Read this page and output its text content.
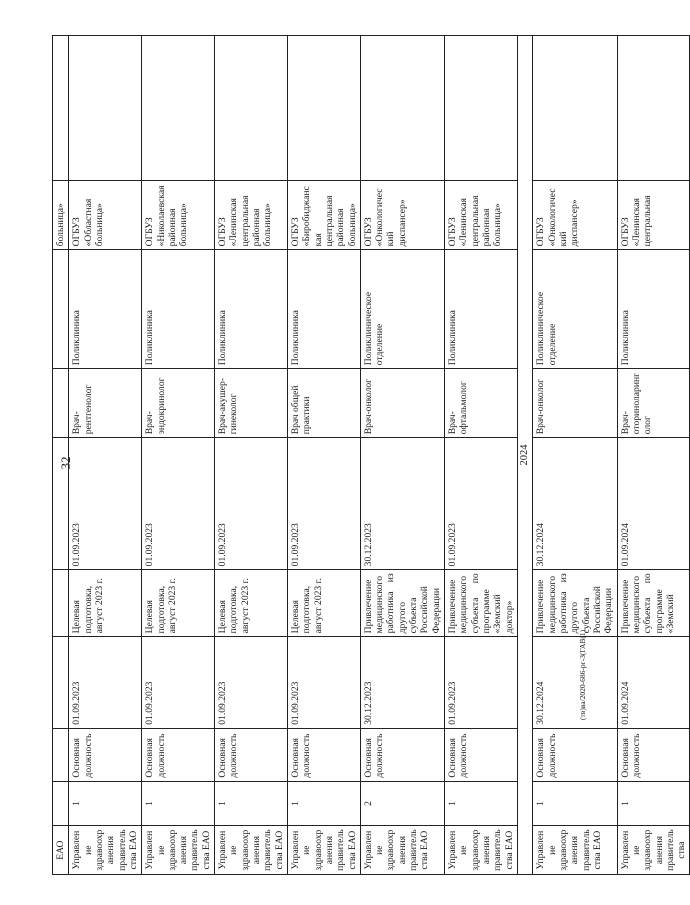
32
(тв)ва/2020-686-рг-3(ГАВ(1)
ЕАО								больница»	
Управление здравоохранения правительства ЕАО	1	Основная должность	01.09.2023	Целевая подготовка, август 2023 г.	01.09.2023	Врач-рентгенолог	Поликлиника	ОГБУЗ «Областная больница»	
Управление здравоохранения правительства ЕАО	1	Основная должность	01.09.2023	Целевая подготовка, август 2023 г.	01.09.2023	Врач-эндокринолог	Поликлиника	ОГБУЗ «Николаевская районная больница»	
Управление здравоохранения правительства ЕАО	1	Основная должность	01.09.2023	Целевая подготовка, август 2023 г.	01.09.2023	Врач-акушер-гинеколог	Поликлиника	ОГБУЗ «Ленинская центральная районная больница»	
Управление здравоохранения правительства ЕАО	1	Основная должность	01.09.2023	Целевая подготовка, август 2023 г.	01.09.2023	Врач общей практики	Поликлиника	ОГБУЗ «Биробиджанская центральная районная больница»	
Управление здравоохранения правительства ЕАО	2	Основная должность	30.12.2023	Привлечение медицинского работника из другого субъекта Российской Федерации	30.12.2023	Врач-онколог	Поликлиническое отделение	ОГБУЗ «Онкологический диспансер»	
Управление здравоохранения правительства ЕАО	1	Основная должность	01.09.2023	Привлечение медицинского субъекта по программе «Земский доктор»	01.09.2023	Врач-офтальмолог	Поликлиника	ОГБУЗ «Ленинская центральная районная больница»	
2024									
Управление здравоохранения правительства ЕАО	1	Основная должность	30.12.2024	Привлечение медицинского работника из другого субъекта Российской Федерации	30.12.2024	Врач-онколог	Поликлиническое отделение	ОГБУЗ «Онкологический диспансер»	
Управление здравоохранения правительства	1	Основная должность	01.09.2024	Привлечение медицинского субъекта по программе «Земский	01.09.2024	Врач-оториноларинголог	Поликлиника	ОГБУЗ «Ленинская центральная	
